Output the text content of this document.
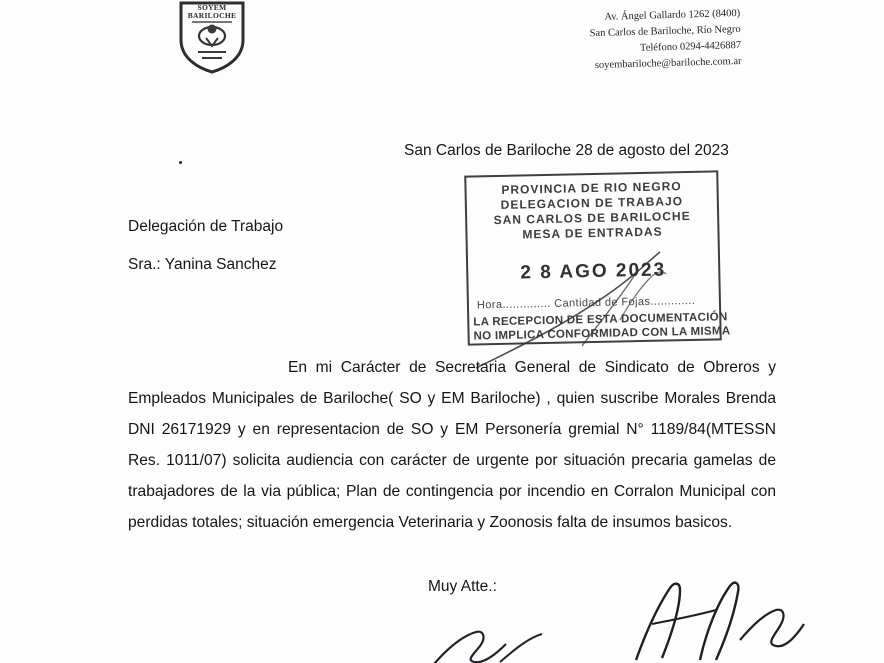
SOYEM
BARILOCHE	Av. Ángel Gallardo 1262 (8400)
San Carlos de Bariloche, Río Negro
Teléfono 0294-4426887
soyembariloche@bariloche.com.ar
San Carlos de Bariloche 28 de agosto del 2023
Delegación de Trabajo
Sra.: Yanina Sanchez
PROVINCIA DE RIO NEGRO
DELEGACION DE TRABAJO
SAN CARLOS DE BARILOCHE
MESA DE ENTRADAS
2 8 AGO 2023
Hora.............. Cantidad de Fojas.............
LA RECEPCION DE ESTA DOCUMENTACIÓN
NO IMPLICA CONFORMIDAD CON LA MISMA
En mi Carácter de Secretaria General de Sindicato de Obreros y Empleados Municipales de Bariloche( SO y EM Bariloche) , quien suscribe Morales Brenda DNI 26171929 y en representacion de SO y EM Personería gremial N° 1189/84(MTESSN Res. 1011/07) solicita audiencia con carácter de urgente por situación precaria gamelas de trabajadores de la via pública; Plan de contingencia por incendio en Corralon Municipal con perdidas totales; situación emergencia Veterinaria y Zoonosis falta de insumos basicos.
Muy Atte.:
